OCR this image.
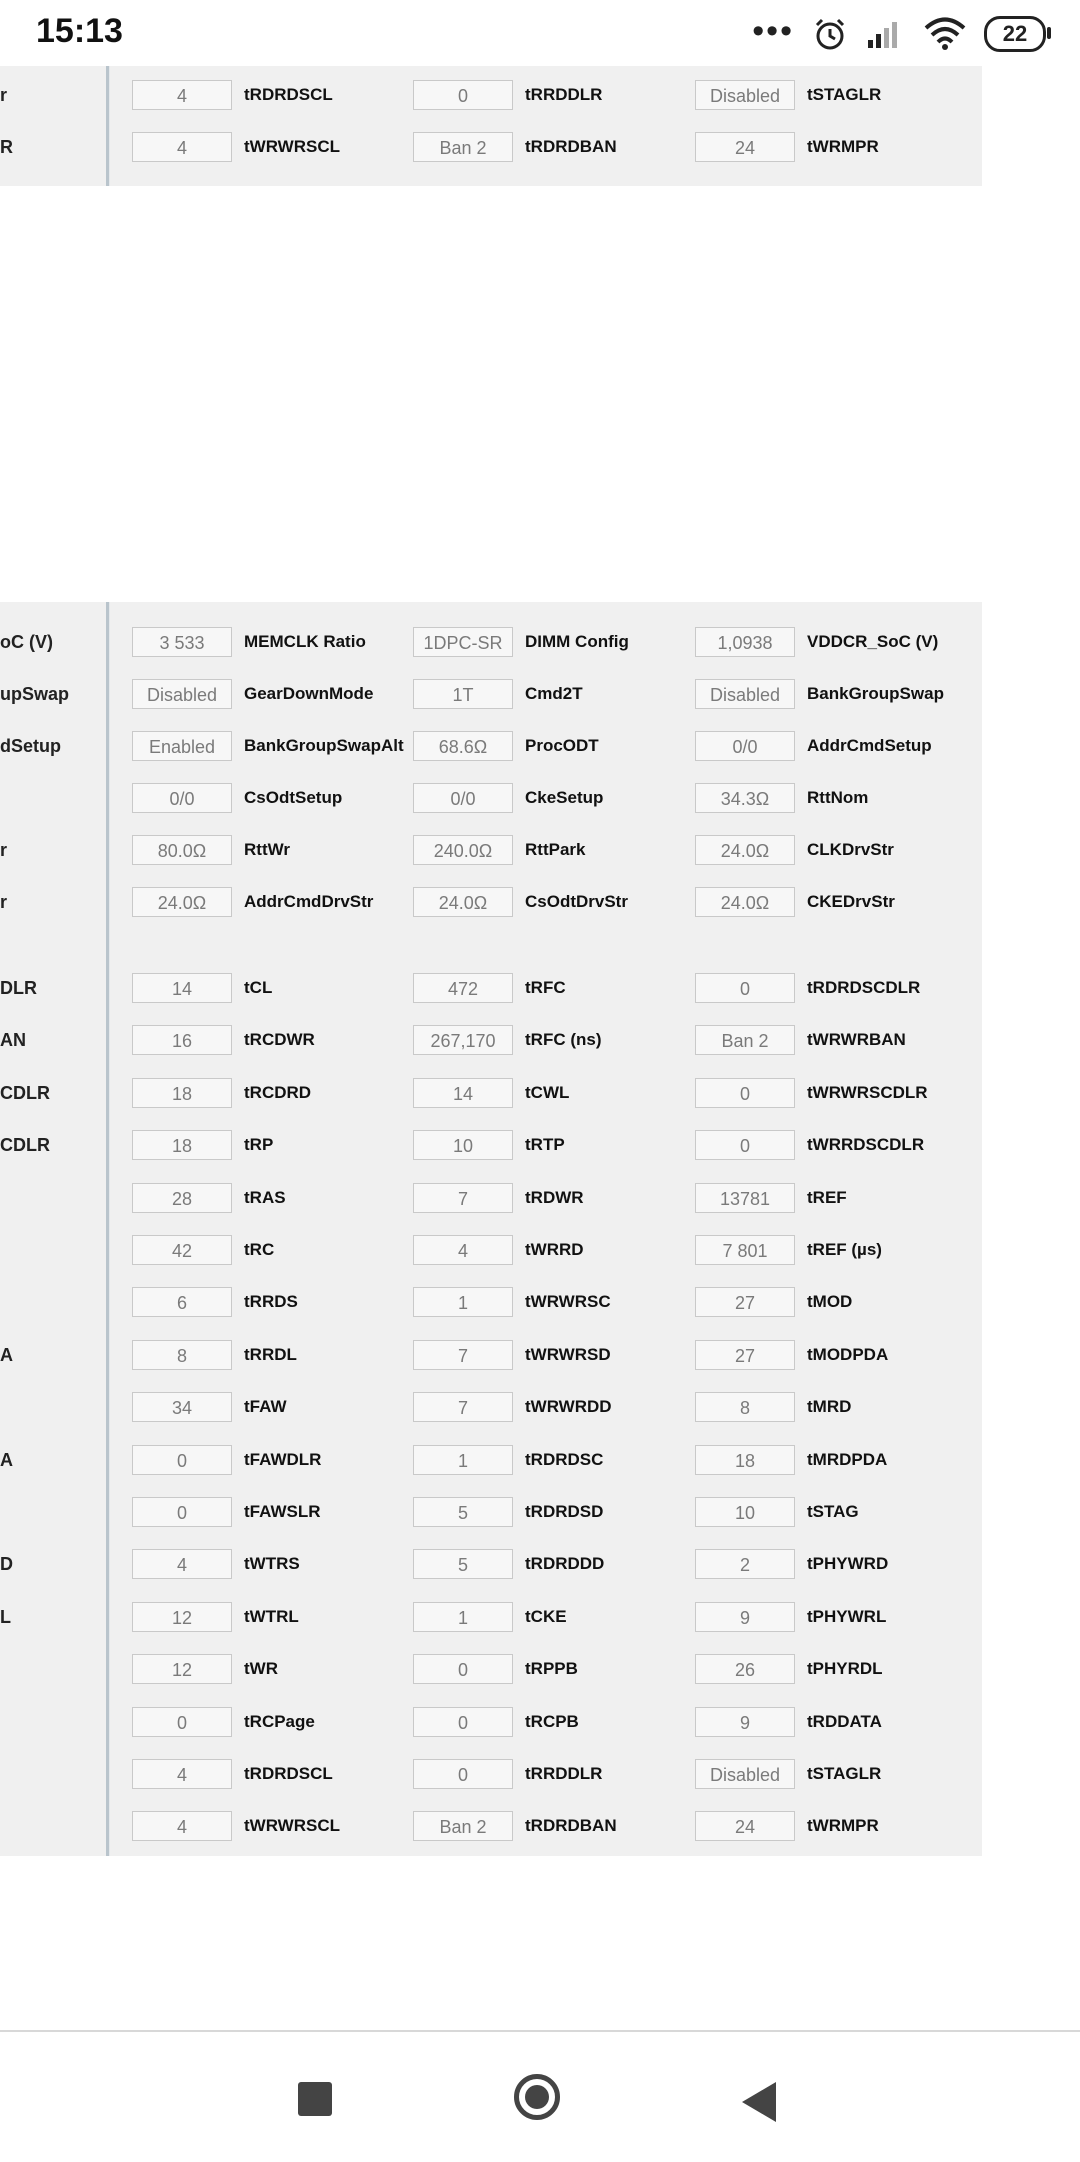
15:13	•••	22
r	4	tRDRDSCL	0	tRRDDLR	Disabled	tSTAGLR
R	4	tWRWRSCL	Ban 2	tRDRDBAN	24	tWRMPR
oC (V)	3 533	MEMCLK Ratio	1DPC-SR	DIMM Config	1,0938	VDDCR_SoC (V)
upSwap	Disabled	GearDownMode	1T	Cmd2T	Disabled	BankGroupSwap
dSetup	Enabled	BankGroupSwapAlt	68.6Ω	ProcODT	0/0	AddrCmdSetup
0/0	CsOdtSetup	0/0	CkeSetup	34.3Ω	RttNom
r	80.0Ω	RttWr	240.0Ω	RttPark	24.0Ω	CLKDrvStr
r	24.0Ω	AddrCmdDrvStr	24.0Ω	CsOdtDrvStr	24.0Ω	CKEDrvStr
DLR	14	tCL	472	tRFC	0	tRDRDSCDLR
AN	16	tRCDWR	267,170	tRFC (ns)	Ban 2	tWRWRBAN
CDLR	18	tRCDRD	14	tCWL	0	tWRWRSCDLR
CDLR	18	tRP	10	tRTP	0	tWRRDSCDLR
28	tRAS	7	tRDWR	13781	tREF
42	tRC	4	tWRRD	7 801	tREF (µs)
6	tRRDS	1	tWRWRSC	27	tMOD
A	8	tRRDL	7	tWRWRSD	27	tMODPDA
34	tFAW	7	tWRWRDD	8	tMRD
A	0	tFAWDLR	1	tRDRDSC	18	tMRDPDA
0	tFAWSLR	5	tRDRDSD	10	tSTAG
D	4	tWTRS	5	tRDRDDD	2	tPHYWRD
L	12	tWTRL	1	tCKE	9	tPHYWRL
12	tWR	0	tRPPB	26	tPHYRDL
0	tRCPage	0	tRCPB	9	tRDDATA
4	tRDRDSCL	0	tRRDDLR	Disabled	tSTAGLR
4	tWRWRSCL	Ban 2	tRDRDBAN	24	tWRMPR
